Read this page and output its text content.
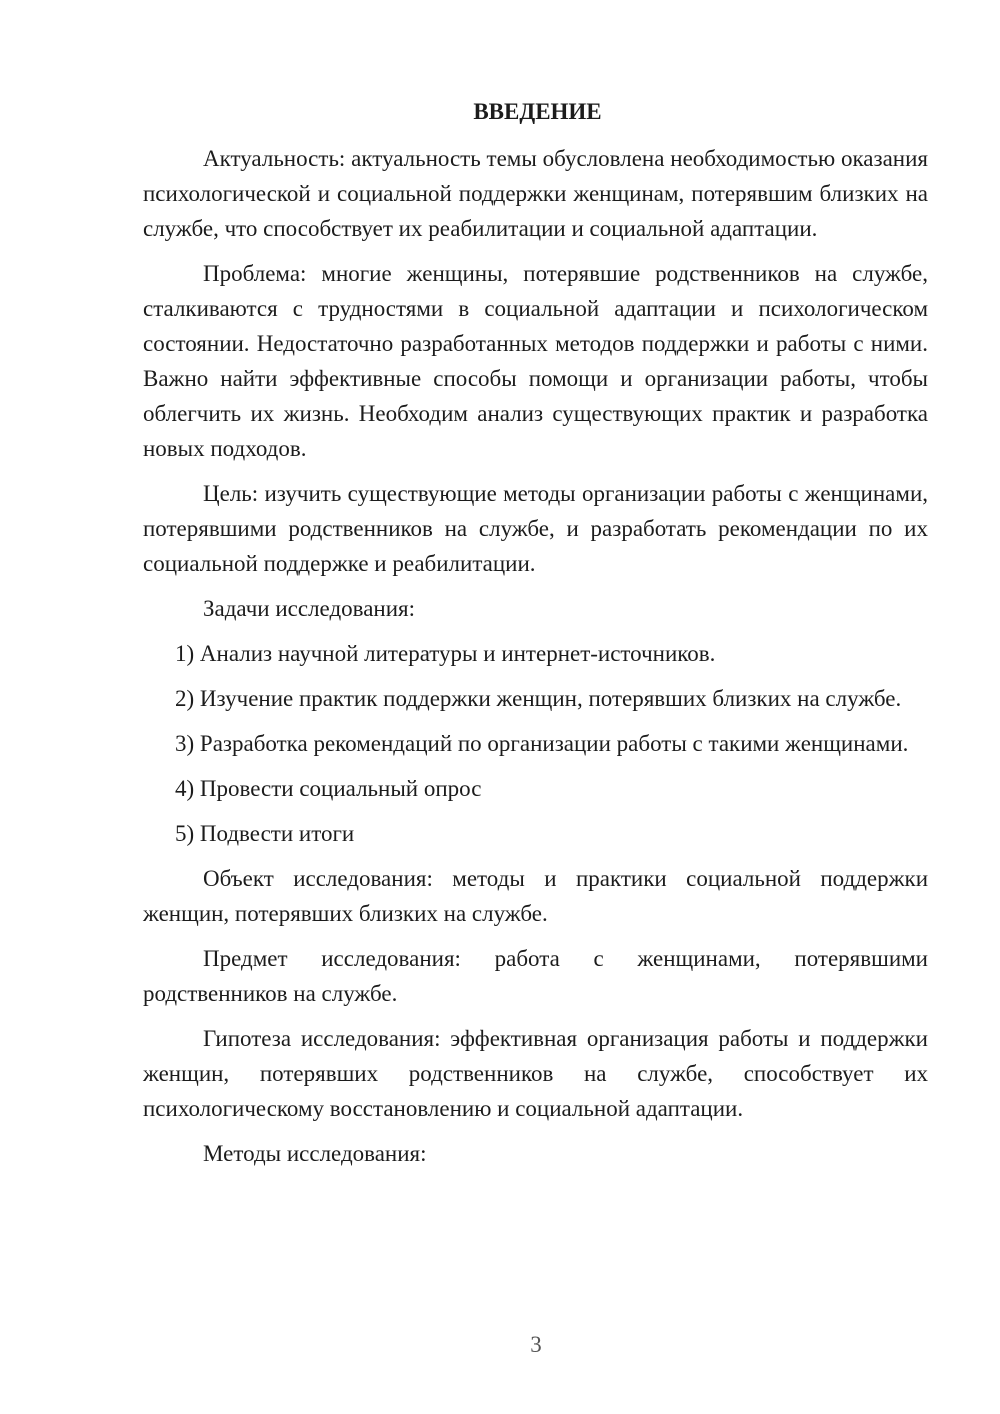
ВВЕДЕНИЕ

Актуальность: актуальность темы обусловлена необходимостью оказания психологической и социальной поддержки женщинам, потерявшим близких на службе, что способствует их реабилитации и социальной адаптации.

Проблема: многие женщины, потерявшие родственников на службе, сталкиваются с трудностями в социальной адаптации и психологическом состоянии. Недостаточно разработанных методов поддержки и работы с ними. Важно найти эффективные способы помощи и организации работы, чтобы облегчить их жизнь. Необходим анализ существующих практик и разработка новых подходов.

Цель: изучить существующие методы организации работы с женщинами, потерявшими родственников на службе, и разработать рекомендации по их социальной поддержке и реабилитации.

Задачи исследования:

1) Анализ научной литературы и интернет-источников.

2) Изучение практик поддержки женщин, потерявших близких на службе.

3) Разработка рекомендаций по организации работы с такими женщинами.

4) Провести социальный опрос

5) Подвести итоги

Объект исследования: методы и практики социальной поддержки женщин, потерявших близких на службе.

Предмет исследования: работа с женщинами, потерявшими родственников на службе.

Гипотеза исследования: эффективная организация работы и поддержки женщин, потерявших родственников на службе, способствует их психологическому восстановлению и социальной адаптации.

Методы исследования:

3
